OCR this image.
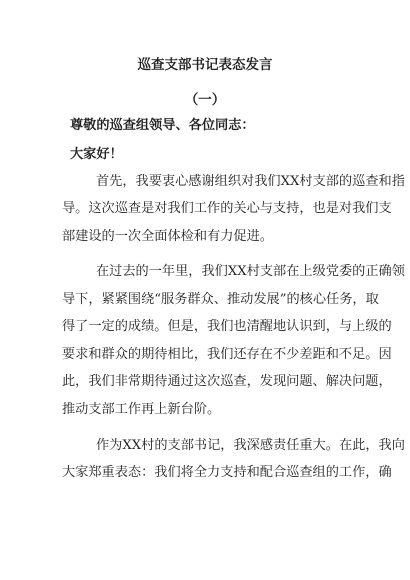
巡查支部书记表态发言
（一）

尊敬的巡查组领导、各位同志：

大家好！

首先，我要衷心感谢组织对我们XX村支部的巡查和指
导。这次巡查是对我们工作的关心与支持，也是对我们支
部建设的一次全面体检和有力促进。
在过去的一年里，我们XX村支部在上级党委的正确领
导下，紧紧围绕“服务群众、推动发展”的核心任务，取
得了一定的成绩。但是，我们也清醒地认识到，与上级的
要求和群众的期待相比，我们还存在不少差距和不足。因
此，我们非常期待通过这次巡查，发现问题、解决问题，
推动支部工作再上新台阶。
作为XX村的支部书记，我深感责任重大。在此，我向
大家郑重表态：我们将全力支持和配合巡查组的工作，确
